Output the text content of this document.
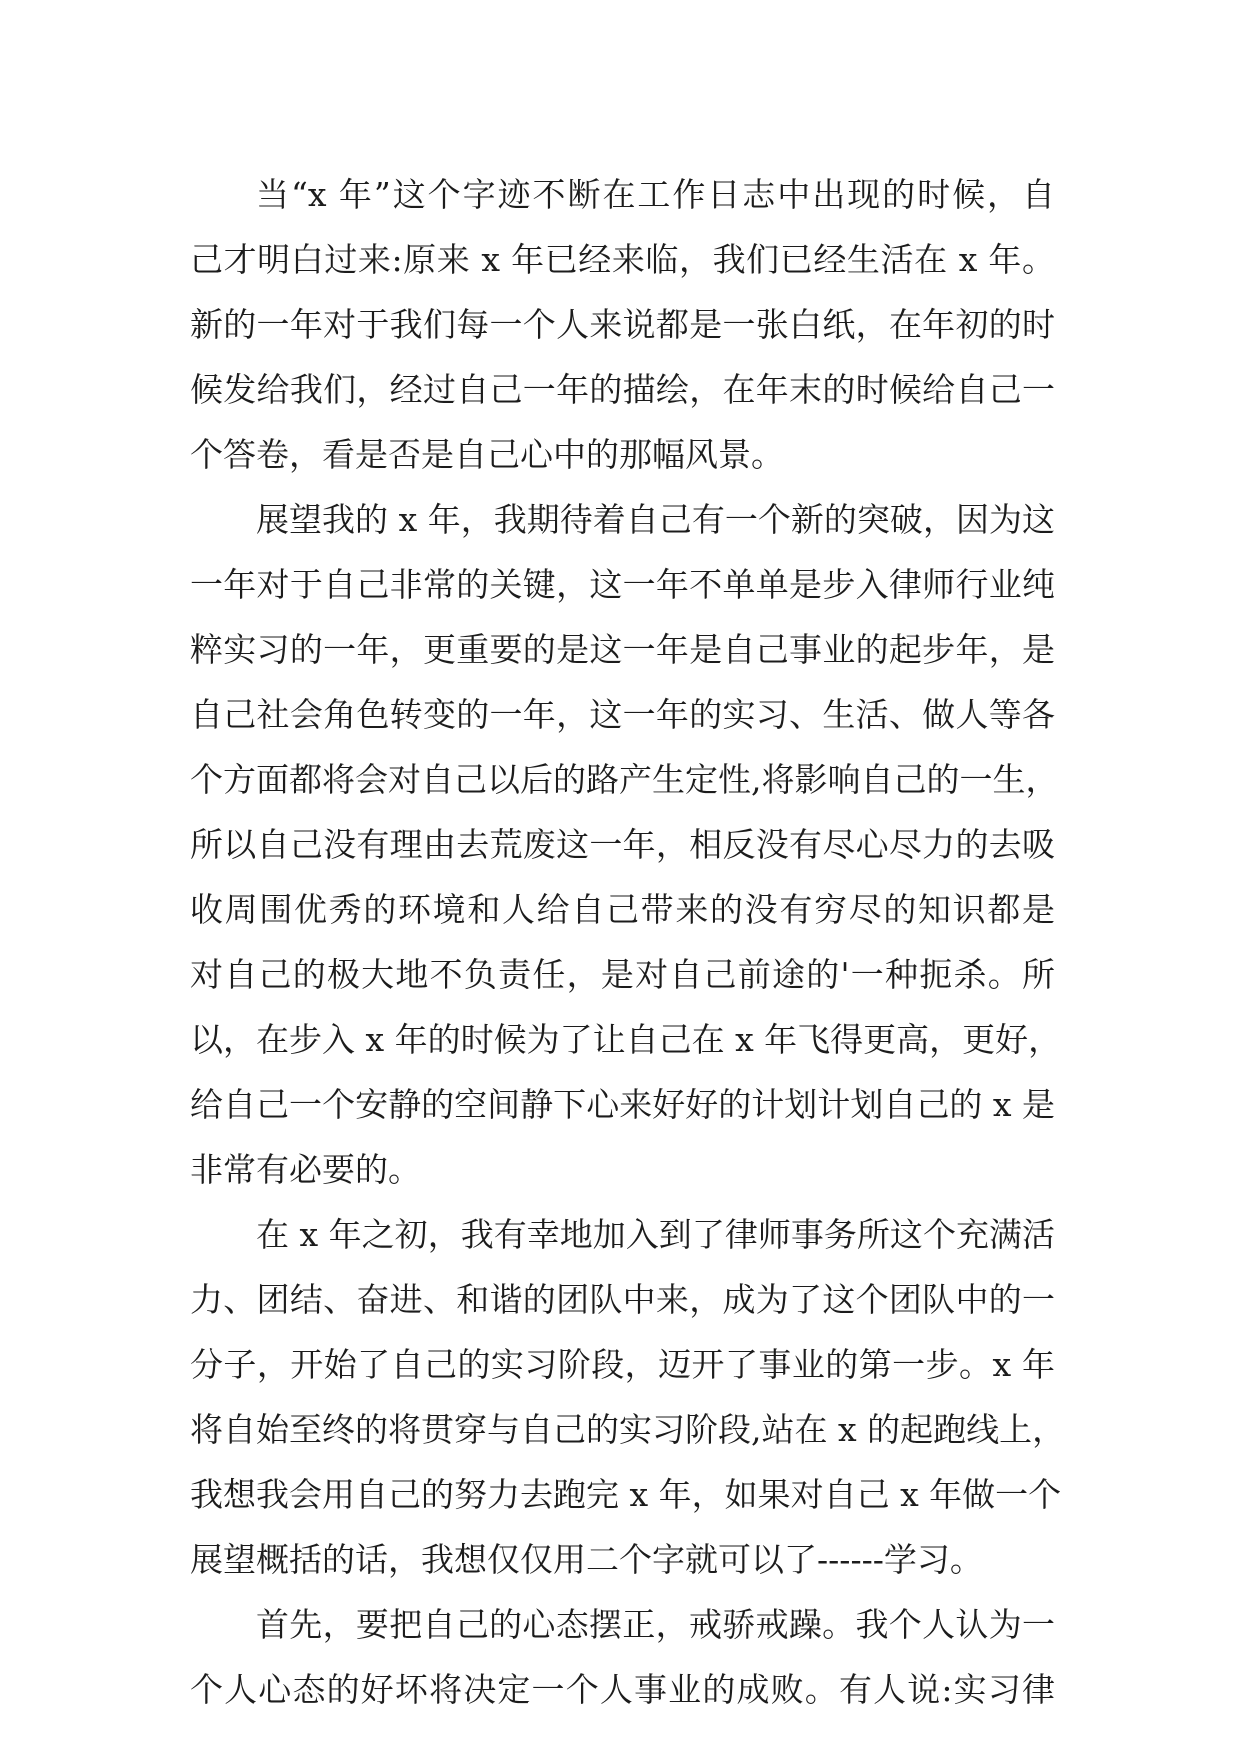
当“x 年”这个字迹不断在工作日志中出现的时候，自
己才明白过来:原来 x 年已经来临，我们已经生活在 x 年。
新的一年对于我们每一个人来说都是一张白纸，在年初的时
候发给我们，经过自己一年的描绘，在年末的时候给自己一
个答卷，看是否是自己心中的那幅风景。
展望我的 x 年，我期待着自己有一个新的突破，因为这
一年对于自己非常的关键，这一年不单单是步入律师行业纯
粹实习的一年，更重要的是这一年是自己事业的起步年，是
自己社会角色转变的一年，这一年的实习、生活、做人等各
个方面都将会对自己以后的路产生定性,将影响自己的一生，
所以自己没有理由去荒废这一年，相反没有尽心尽力的去吸
收周围优秀的环境和人给自己带来的没有穷尽的知识都是
对自己的极大地不负责任，是对自己前途的'一种扼杀。所
以，在步入 x 年的时候为了让自己在 x 年飞得更高，更好，
给自己一个安静的空间静下心来好好的计划计划自己的 x 是
非常有必要的。
在 x 年之初，我有幸地加入到了律师事务所这个充满活
力、团结、奋进、和谐的团队中来，成为了这个团队中的一
分子，开始了自己的实习阶段，迈开了事业的第一步。x 年
将自始至终的将贯穿与自己的实习阶段,站在 x 的起跑线上，
我想我会用自己的努力去跑完 x 年，如果对自己 x 年做一个
展望概括的话，我想仅仅用二个字就可以了------学习。
首先，要把自己的心态摆正，戒骄戒躁。我个人认为一
个人心态的好坏将决定一个人事业的成败。有人说:实习律
